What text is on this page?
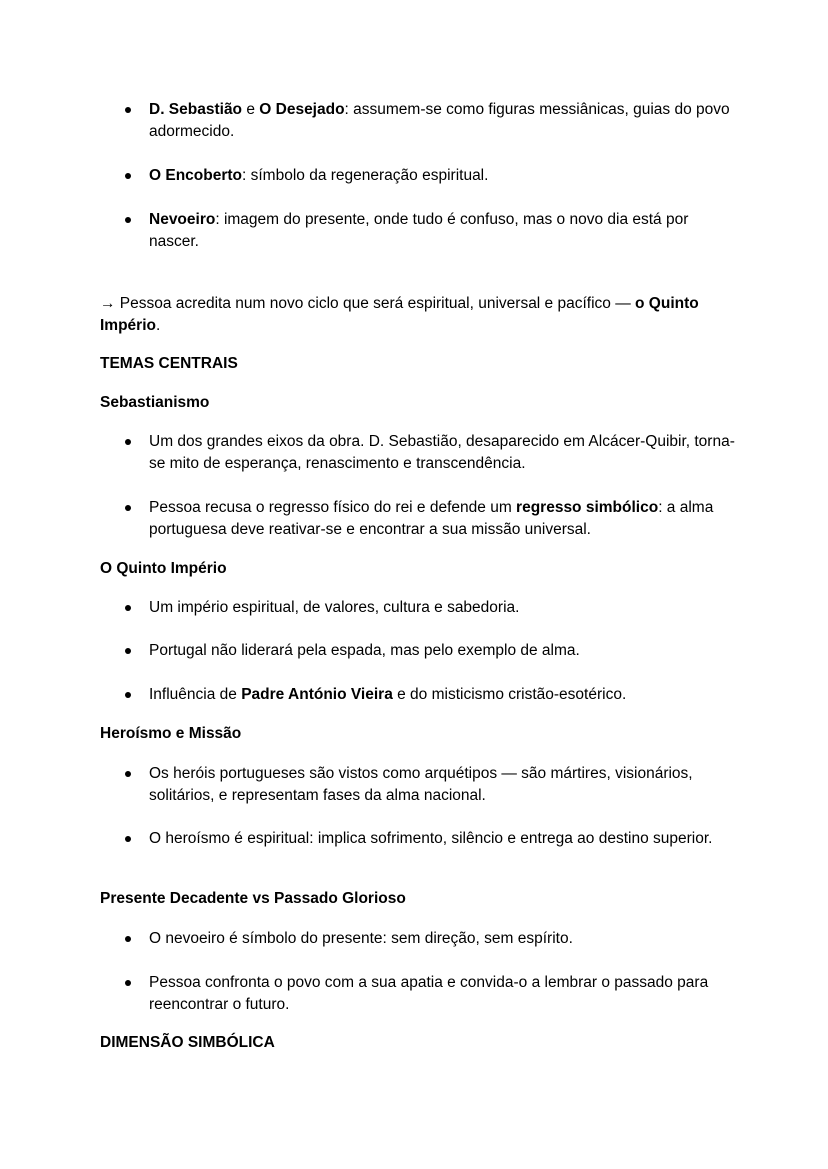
D. Sebastião e O Desejado: assumem-se como figuras messiânicas, guias do povo adormecido.
O Encoberto: símbolo da regeneração espiritual.
Nevoeiro: imagem do presente, onde tudo é confuso, mas o novo dia está por nascer.
→ Pessoa acredita num novo ciclo que será espiritual, universal e pacífico — o Quinto Império.
TEMAS CENTRAIS
Sebastianismo
Um dos grandes eixos da obra. D. Sebastião, desaparecido em Alcácer-Quibir, torna-se mito de esperança, renascimento e transcendência.
Pessoa recusa o regresso físico do rei e defende um regresso simbólico: a alma portuguesa deve reativar-se e encontrar a sua missão universal.
O Quinto Império
Um império espiritual, de valores, cultura e sabedoria.
Portugal não liderará pela espada, mas pelo exemplo de alma.
Influência de Padre António Vieira e do misticismo cristão-esotérico.
Heroísmo e Missão
Os heróis portugueses são vistos como arquétipos — são mártires, visionários, solitários, e representam fases da alma nacional.
O heroísmo é espiritual: implica sofrimento, silêncio e entrega ao destino superior.
Presente Decadente vs Passado Glorioso
O nevoeiro é símbolo do presente: sem direção, sem espírito.
Pessoa confronta o povo com a sua apatia e convida-o a lembrar o passado para reencontrar o futuro.
DIMENSÃO SIMBÓLICA
